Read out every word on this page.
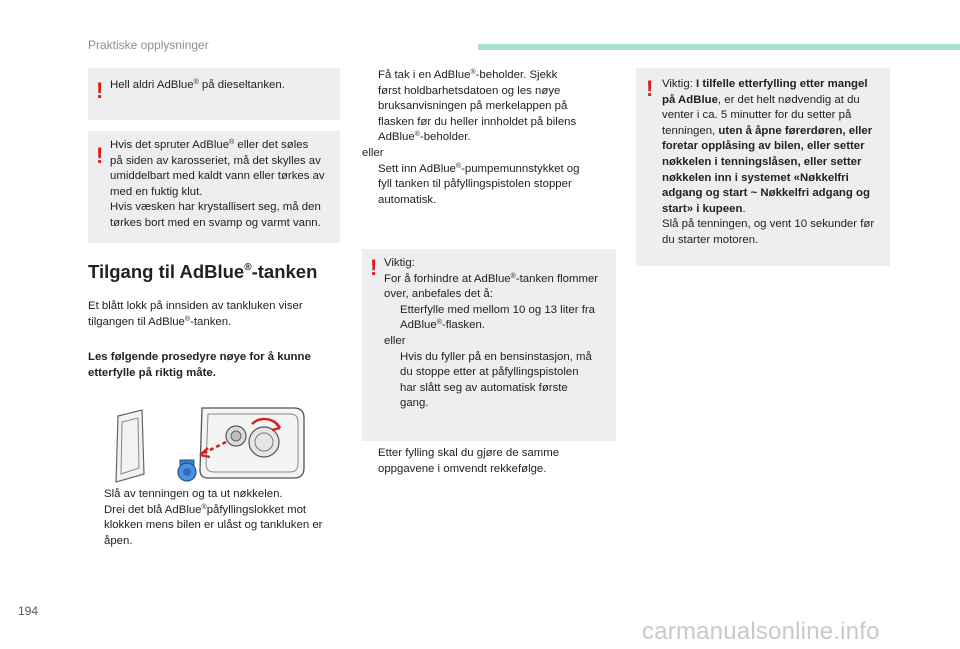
Praktiske opplysninger
! Hell aldri AdBlue® på dieseltanken.

! Hvis det spruter AdBlue® eller det søles
på siden av karosseriet, må det skylles av
umiddelbart med kaldt vann eller tørkes av
med en fuktig klut.
Hvis væsken har krystallisert seg, må den
tørkes bort med en svamp og varmt vann.

Tilgang til AdBlue®-tanken

Et blått lokk på innsiden av tankluken viser
tilgangen til AdBlue®-tanken.

Les følgende prosedyre nøye for å kunne
etterfylle på riktig måte.

Slå av tenningen og ta ut nøkkelen.
Drei det blå AdBlue®påfyllingslokket mot
klokken mens bilen er ulåst og tankluken er
åpen.
Få tak i en AdBlue®-beholder. Sjekk
først holdbarhetsdatoen og les nøye
bruksanvisningen på merkelappen på
flasken før du heller innholdet på bilens
AdBlue®-beholder.

eller

Sett inn AdBlue®-pumpemunnstykket og
fyll tanken til påfyllingspistolen stopper
automatisk.
! Viktig:
For å forhindre at AdBlue®-tanken flommer
over, anbefales det å:

Etterfylle med mellom 10 og 13 liter fra
AdBlue®-flasken.

eller

Hvis du fyller på en bensinstasjon, må
du stoppe etter at påfyllingspistolen
har slått seg av automatisk første
gang.
Etter fylling skal du gjøre de samme
oppgavene i omvendt rekkefølge.
! Viktig: I tilfelle etterfylling etter mangel
på AdBlue, er det helt nødvendig at du
venter i ca. 5 minutter for du setter på
tenningen, uten å åpne førerdøren, eller
foretar opplåsing av bilen, eller setter
nøkkelen i tenningslåsen, eller setter
nøkkelen inn i systemet «Nøkkelfri
adgang og start ~ Nøkkelfri adgang og
start» i kupeen.
Slå på tenningen, og vent 10 sekunder før
du starter motoren.

194
carmanualsonline.info
